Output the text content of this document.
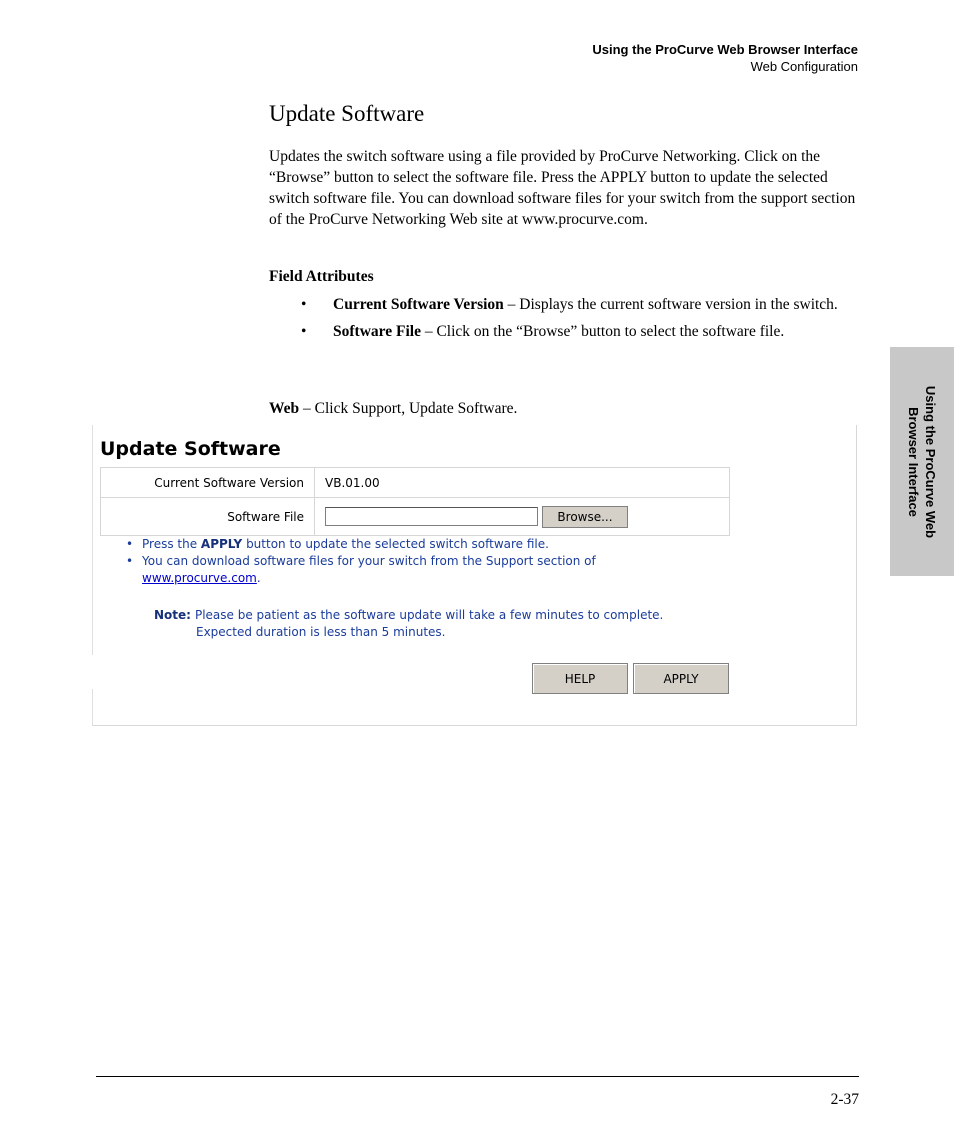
Using the ProCurve Web Browser Interface
Web Configuration
Using the ProCurve Web
Browser Interface
Update Software

Updates the switch software using a file provided by ProCurve Networking. Click on the “Browse” button to select the software file. Press the APPLY button to update the selected switch software file. You can download software files for your switch from the support section of the ProCurve Networking Web site at www.procurve.com.

Field Attributes
• Current Software Version – Displays the current software version in the switch.
• Software File – Click on the “Browse” button to select the software file.
Web – Click Support, Update Software.
Update Software
Current Software Version	VB.01.00
Software File	Browse...
• Press the APPLY button to update the selected switch software file.
• You can download software files for your switch from the Support section of www.procurve.com.
Note: Please be patient as the software update will take a few minutes to complete.
Expected duration is less than 5 minutes.
HELP	APPLY
2-37
